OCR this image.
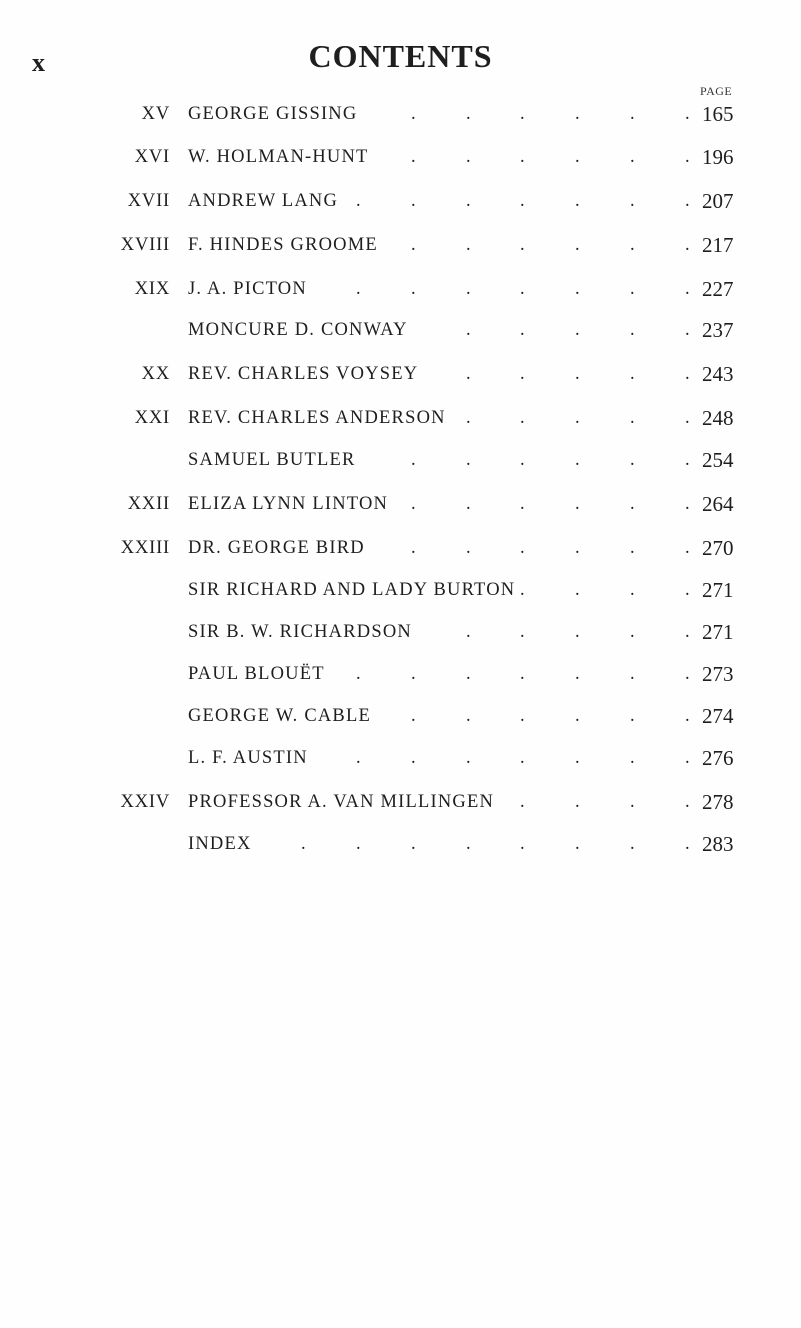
x	CONTENTS
PAGE
XV GEORGE GISSING	165
.	.	.	.	.	.
XVI W. HOLMAN-HUNT	196
.	.	.	.	.	.
XVII ANDREW LANG	207
.	.	.	.	.	.	.
XVIII F. HINDES GROOME	217
.	.	.	.	.	.
XIX J. A. PICTON	227
.	.	.	.	.	.	.
MONCURE D. CONWAY	237
.	.	.	.	.
XX REV. CHARLES VOYSEY	243
.	.	.	.	.
XXI REV. CHARLES ANDERSON	248
.	.	.	.	.
SAMUEL BUTLER	254
.	.	.	.	.	.
XXII ELIZA LYNN LINTON	264
.	.	.	.	.	.
XXIII DR. GEORGE BIRD	270
.	.	.	.	.	.
SIR RICHARD AND LADY BURTON	271
.	.	.	.
SIR B. W. RICHARDSON	271
.	.	.	.	.
PAUL BLOUËT	273
.	.	.	.	.	.	.
GEORGE W. CABLE	274
.	.	.	.	.	.
L. F. AUSTIN	276
.	.	.	.	.	.	.
XXIV PROFESSOR A. VAN MILLINGEN	278
.	.	.	.
INDEX	283
.	.	.	.	.	.	.	.
